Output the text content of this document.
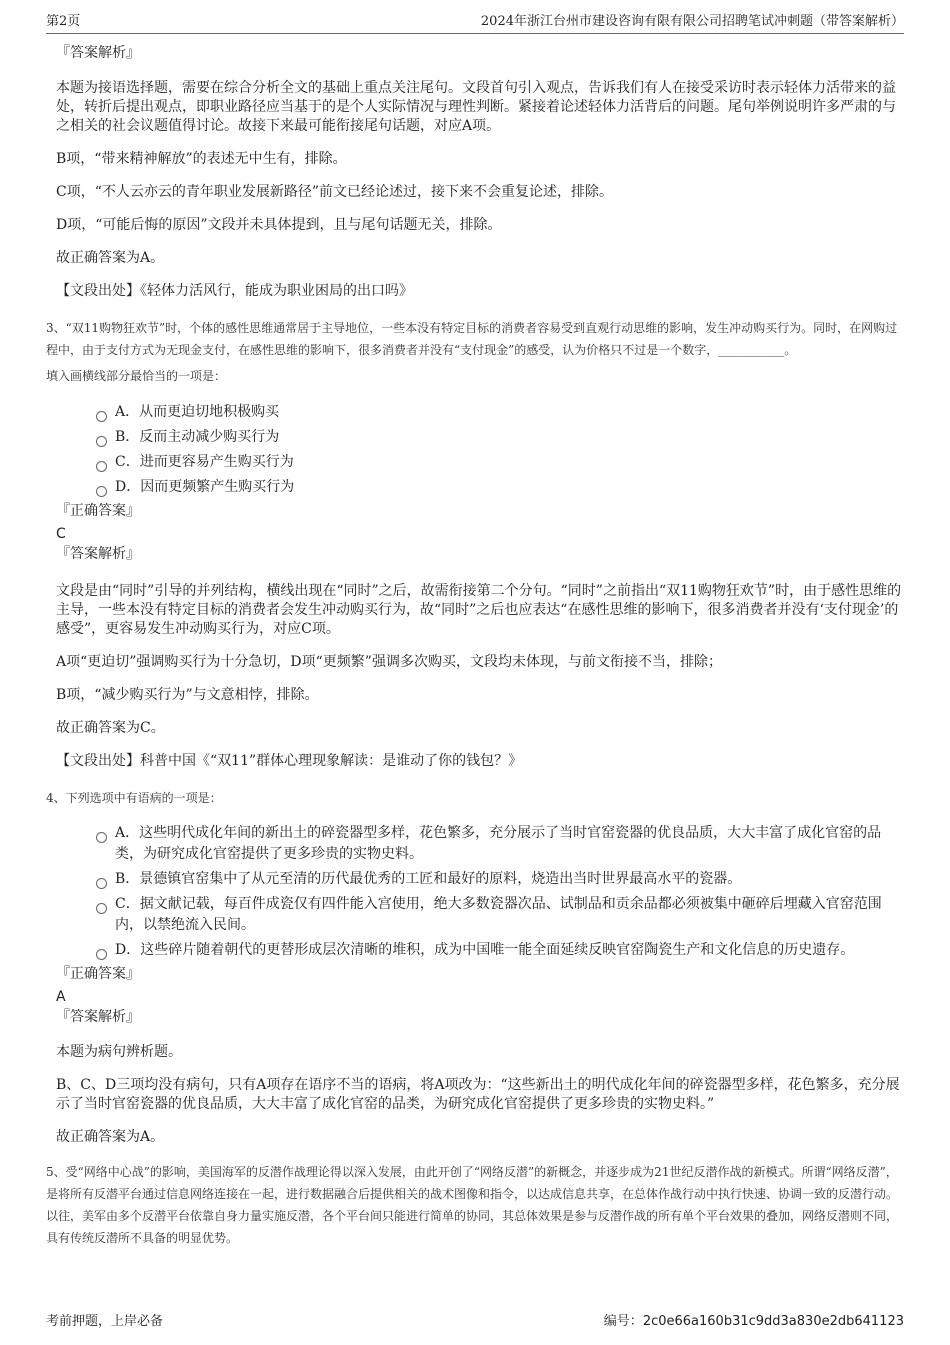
第2页	2024年浙江台州市建设咨询有限有限公司招聘笔试冲刺题（带答案解析）
『答案解析』

本题为接语选择题，需要在综合分析全文的基础上重点关注尾句。文段首句引入观点，告诉我们有人在接受采访时表示轻体力活带来的益处，转折后提出观点，即职业路径应当基于的是个人实际情况与理性判断。紧接着论述轻体力活背后的问题。尾句举例说明许多严肃的与之相关的社会议题值得讨论。故接下来最可能衔接尾句话题，对应A项。

B项，“带来精神解放”的表述无中生有，排除。

C项，“不人云亦云的青年职业发展新路径”前文已经论述过，接下来不会重复论述，排除。

D项，“可能后悔的原因”文段并未具体提到，且与尾句话题无关，排除。

故正确答案为A。

【文段出处】《轻体力活风行，能成为职业困局的出口吗》

3、“双11购物狂欢节”时，个体的感性思维通常居于主导地位，一些本没有特定目标的消费者容易受到直观行动思维的影响，发生冲动购买行为。同时，在网购过程中，由于支付方式为无现金支付，在感性思维的影响下，很多消费者并没有“支付现金”的感受，认为价格只不过是一个数字，___________。

填入画横线部分最恰当的一项是：

A．从而更迫切地积极购买
B．反而主动减少购买行为
C．进而更容易产生购买行为
D．因而更频繁产生购买行为
『正确答案』
C
『答案解析』

文段是由“同时”引导的并列结构，横线出现在“同时”之后，故需衔接第二个分句。“同时”之前指出“双11购物狂欢节”时，由于感性思维的主导，一些本没有特定目标的消费者会发生冲动购买行为，故“同时”之后也应表达“在感性思维的影响下，很多消费者并没有‘支付现金’的感受”，更容易发生冲动购买行为，对应C项。

A项“更迫切”强调购买行为十分急切，D项“更频繁”强调多次购买，文段均未体现，与前文衔接不当，排除；

B项，“减少购买行为”与文意相悖，排除。

故正确答案为C。

【文段出处】科普中国《“双11”群体心理现象解读：是谁动了你的钱包？》

4、下列选项中有语病的一项是：

A．这些明代成化年间的新出土的碎瓷器型多样，花色繁多，充分展示了当时官窑瓷器的优良品质，大大丰富了成化官窑的品类，为研究成化官窑提供了更多珍贵的实物史料。
B．景德镇官窑集中了从元至清的历代最优秀的工匠和最好的原料，烧造出当时世界最高水平的瓷器。
C．据文献记载，每百件成瓷仅有四件能入宫使用，绝大多数瓷器次品、试制品和贡余品都必须被集中砸碎后埋藏入官窑范围内，以禁绝流入民间。
D．这些碎片随着朝代的更替形成层次清晰的堆积，成为中国唯一能全面延续反映官窑陶瓷生产和文化信息的历史遗存。
『正确答案』
A
『答案解析』

本题为病句辨析题。

B、C、D三项均没有病句，只有A项存在语序不当的语病，将A项改为：“这些新出土的明代成化年间的碎瓷器型多样，花色繁多，充分展示了当时官窑瓷器的优良品质，大大丰富了成化官窑的品类，为研究成化官窑提供了更多珍贵的实物史料。”

故正确答案为A。

5、受“网络中心战”的影响，美国海军的反潜作战理论得以深入发展，由此开创了“网络反潜”的新概念，并逐步成为21世纪反潜作战的新模式。所谓“网络反潜”，是将所有反潜平台通过信息网络连接在一起，进行数据融合后提供相关的战术图像和指令，以达成信息共享，在总体作战行动中执行快速、协调一致的反潜行动。以往，美军由多个反潜平台依靠自身力量实施反潜，各个平台间只能进行简单的协同，其总体效果是参与反潜作战的所有单个平台效果的叠加，网络反潜则不同，具有传统反潜所不具备的明显优势。

考前押题，上岸必备	编号：2c0e66a160b31c9dd3a830e2db641123
